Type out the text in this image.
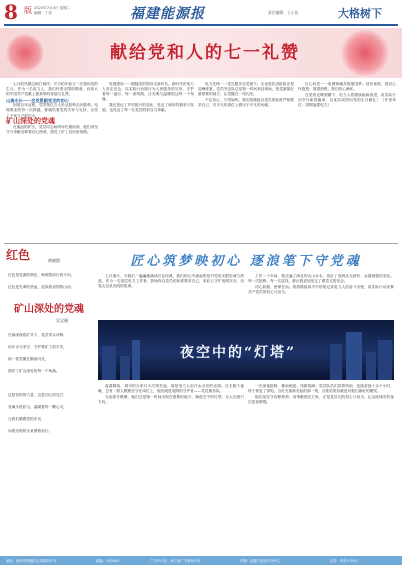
8 版 2023年7月4日 星期二
编辑：丁佳	福建能源报	责任编辑：王小佳	大格树下
献给党和人的七一礼赞

七月的风拂过闽江两岸，岁月的年轮又一次指向党的生日。作为一名电力人，我们怀着无限的敬意，向伟大的中国共产党献上最真挚的祝福与礼赞。

山高水长一一念党恩跟党走的初心

回望百年征程，党带领亿万人民从胜利走向胜利。电网事业的每一次跨越，都凝结着党的关怀与支持，点亮了千家万户的灯火。

矿山深处的党魂

在偏远的矿区，党员同志始终冲在最前面，他们用坚守与奉献诠释着初心使命，照亮了矿工们回家的路。

电网建设一一跟随党的领导走新时代。新时代的电力人坚定信念，以实际行动践行为人民服务的宗旨，守护着每一盏灯、每一条线路，让光明与温暖抵达每一个角落。

我们见证了乡村振兴的变化，见证了城市的繁荣与发展，也见证了每一位党员的担当与奉献。

电力先锋一一党员服务在党旗下。无论是抗洪抢险还是迎峰度夏，党员突击队总是第一时间奔赴现场，把党旗插在最需要的地方，让党徽在一线闪光。

不忘初心，方得始终。我们将继续以党员的标准严格要求自己，在平凡的岗位上做出不平凡的贡献。

红心向党一一电网铸魂共筑强国梦。回首来路，我们心怀感恩；展望前程，我们信心满怀。

在党的光辉照耀下，电力人将继续砥砺奋进，用实际行动书写新的篇章，以优异成绩向党的生日献礼！（作者单位：国网福建电力）

红色	黄晓霞

红色是党旗的颜色，映照着前行的方向，

红色是先辈的热血，浸染着祖国的山河。

矿山深处的党魂
吴宝刚

在那深深的矿井下，党员带头冲锋，

用汗水与坚守，守护着矿工的平安，

那一枚党徽在胸前闪光，

照亮了矿山深处的每一个角落。

这是信仰的力量，这是初心的光芒，

党魂永驻矿山，温暖着每一颗心灵，

让我们紧跟党的步伐，

向着光明的未来勇敢前行。

匠心筑梦映初心 逐浪笔下守党魂

七月流火，当我们一遍遍地诵读红色经典，我们的心中涌起的是对党的无限忠诚与热爱。作为一名基层电力工作者，我始终以党员的标准要求自己，用匠心守护电网安全，用笔尖记录光明的故事。

工作二十年间，我走遍了闽北的山山水水，见证了电网从无到有、从弱到强的变化。每一次抢修，每一次巡线，都让我更加坚定了跟党走的信念。

初心如磐，使命在肩。我将继续用手中的笔记录电力人的奋斗历程，用实际行动诠释共产党员的初心与担当。

夜空中的“灯塔”

夜幕降临，城市的万家灯火次第亮起，那是电力人用汗水点亮的光明。在无数个夜晚，总有一群人默默坚守在岗位上，他们就是电网的守护者——党员服务队。

无论寒冬酷暑，他们总是第一时间出现在需要的地方，像夜空中的灯塔，为人们指引方向。

一次深夜抢修，暴雨倾盆，线路故障。党员队员们顶着风雨，连续奋战十余个小时，终于恢复了供电。当灯光重新亮起的那一刻，百姓的笑容就是对他们最好的褒奖。

他们用坚守诠释使命，用奉献照亮万家，正是党员们的初心与担当，让这座城市的夜空更加璀璨。

地址：福州市鼓楼区五四路257号	邮编：350003	广告许可证：闽工商广字第001号	印刷：福建日报社印务中心	定价：每份1.50元
